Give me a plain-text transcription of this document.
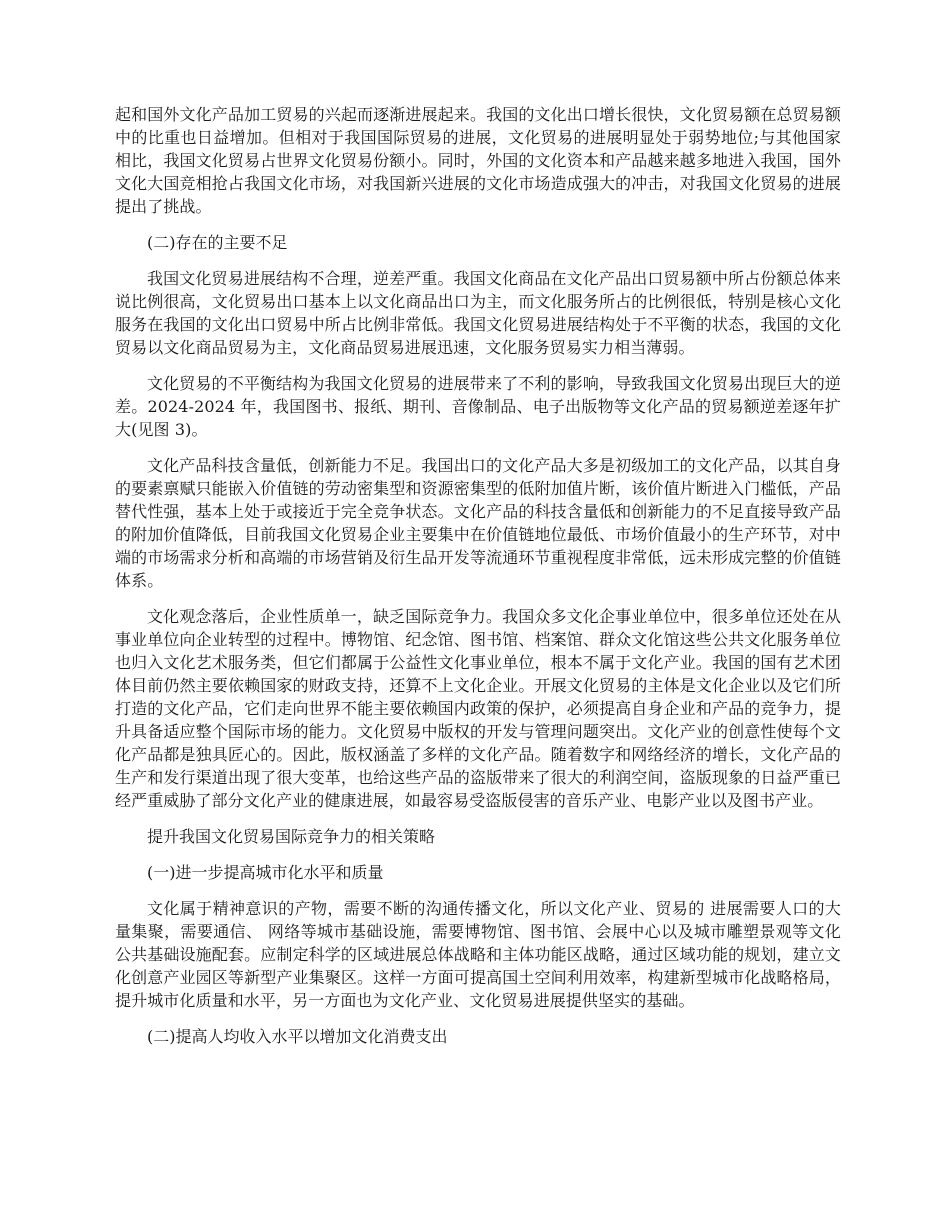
起和国外文化产品加工贸易的兴起而逐渐进展起来。我国的文化出口增长很快，文化贸易额在总贸易额中的比重也日益增加。但相对于我国国际贸易的进展，文化贸易的进展明显处于弱势地位;与其他国家相比，我国文化贸易占世界文化贸易份额小。同时，外国的文化资本和产品越来越多地进入我国，国外文化大国竞相抢占我国文化市场，对我国新兴进展的文化市场造成强大的冲击，对我国文化贸易的进展提出了挑战。

(二)存在的主要不足

我国文化贸易进展结构不合理，逆差严重。我国文化商品在文化产品出口贸易额中所占份额总体来说比例很高，文化贸易出口基本上以文化商品出口为主，而文化服务所占的比例很低，特别是核心文化服务在我国的文化出口贸易中所占比例非常低。我国文化贸易进展结构处于不平衡的状态，我国的文化贸易以文化商品贸易为主，文化商品贸易进展迅速，文化服务贸易实力相当薄弱。

文化贸易的不平衡结构为我国文化贸易的进展带来了不利的影响，导致我国文化贸易出现巨大的逆差。2024-2024 年，我国图书、报纸、期刊、音像制品、电子出版物等文化产品的贸易额逆差逐年扩大(见图 3)。

文化产品科技含量低，创新能力不足。我国出口的文化产品大多是初级加工的文化产品，以其自身的要素禀赋只能嵌入价值链的劳动密集型和资源密集型的低附加值片断，该价值片断进入门槛低，产品替代性强，基本上处于或接近于完全竞争状态。文化产品的科技含量低和创新能力的不足直接导致产品的附加价值降低，目前我国文化贸易企业主要集中在价值链地位最低、市场价值最小的生产环节，对中端的市场需求分析和高端的市场营销及衍生品开发等流通环节重视程度非常低，远未形成完整的价值链体系。

文化观念落后，企业性质单一，缺乏国际竞争力。我国众多文化企事业单位中，很多单位还处在从事业单位向企业转型的过程中。博物馆、纪念馆、图书馆、档案馆、群众文化馆这些公共文化服务单位也归入文化艺术服务类，但它们都属于公益性文化事业单位，根本不属于文化产业。我国的国有艺术团体目前仍然主要依赖国家的财政支持，还算不上文化企业。开展文化贸易的主体是文化企业以及它们所打造的文化产品，它们走向世界不能主要依赖国内政策的保护，必须提高自身企业和产品的竞争力，提升具备适应整个国际市场的能力。文化贸易中版权的开发与管理问题突出。文化产业的创意性使每个文化产品都是独具匠心的。因此，版权涵盖了多样的文化产品。随着数字和网络经济的增长，文化产品的生产和发行渠道出现了很大变革，也给这些产品的盗版带来了很大的利润空间，盗版现象的日益严重已经严重威胁了部分文化产业的健康进展，如最容易受盗版侵害的音乐产业、电影产业以及图书产业。

提升我国文化贸易国际竞争力的相关策略

(一)进一步提高城市化水平和质量

文化属于精神意识的产物，需要不断的沟通传播文化，所以文化产业、贸易的 进展需要人口的大量集聚，需要通信、 网络等城市基础设施，需要博物馆、图书馆、会展中心以及城市雕塑景观等文化公共基础设施配套。应制定科学的区域进展总体战略和主体功能区战略，通过区域功能的规划，建立文化创意产业园区等新型产业集聚区。这样一方面可提高国土空间利用效率，构建新型城市化战略格局，提升城市化质量和水平，另一方面也为文化产业、文化贸易进展提供坚实的基础。

(二)提高人均收入水平以增加文化消费支出
